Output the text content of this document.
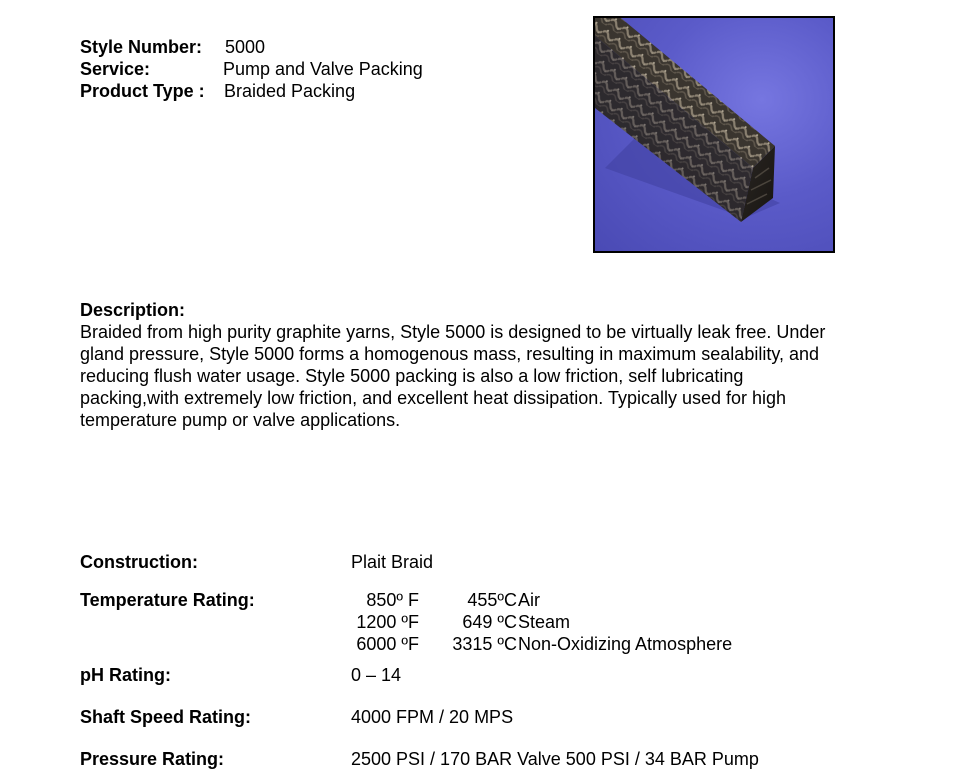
Style Number: 5000
Service:	Pump and Valve Packing
Product Type : Braided Packing
Description:
Braided from high purity graphite yarns, Style 5000 is designed to be virtually leak free. Under
gland pressure, Style 5000 forms a homogenous mass, resulting in maximum sealability, and
reducing flush water usage. Style 5000 packing is also a low friction, self lubricating
packing,with extremely low friction, and excellent heat dissipation. Typically used for high
temperature pump or valve applications.
Construction:	Plait Braid
Temperature Rating:	850º F	455ºC Air
1200 ºF	649 ºC Steam
6000 ºF	3315 ºC Non-Oxidizing Atmosphere
pH Rating:	0 – 14
Shaft Speed Rating:	4000 FPM / 20 MPS
Pressure Rating:	2500 PSI / 170 BAR Valve 500 PSI / 34 BAR Pump
